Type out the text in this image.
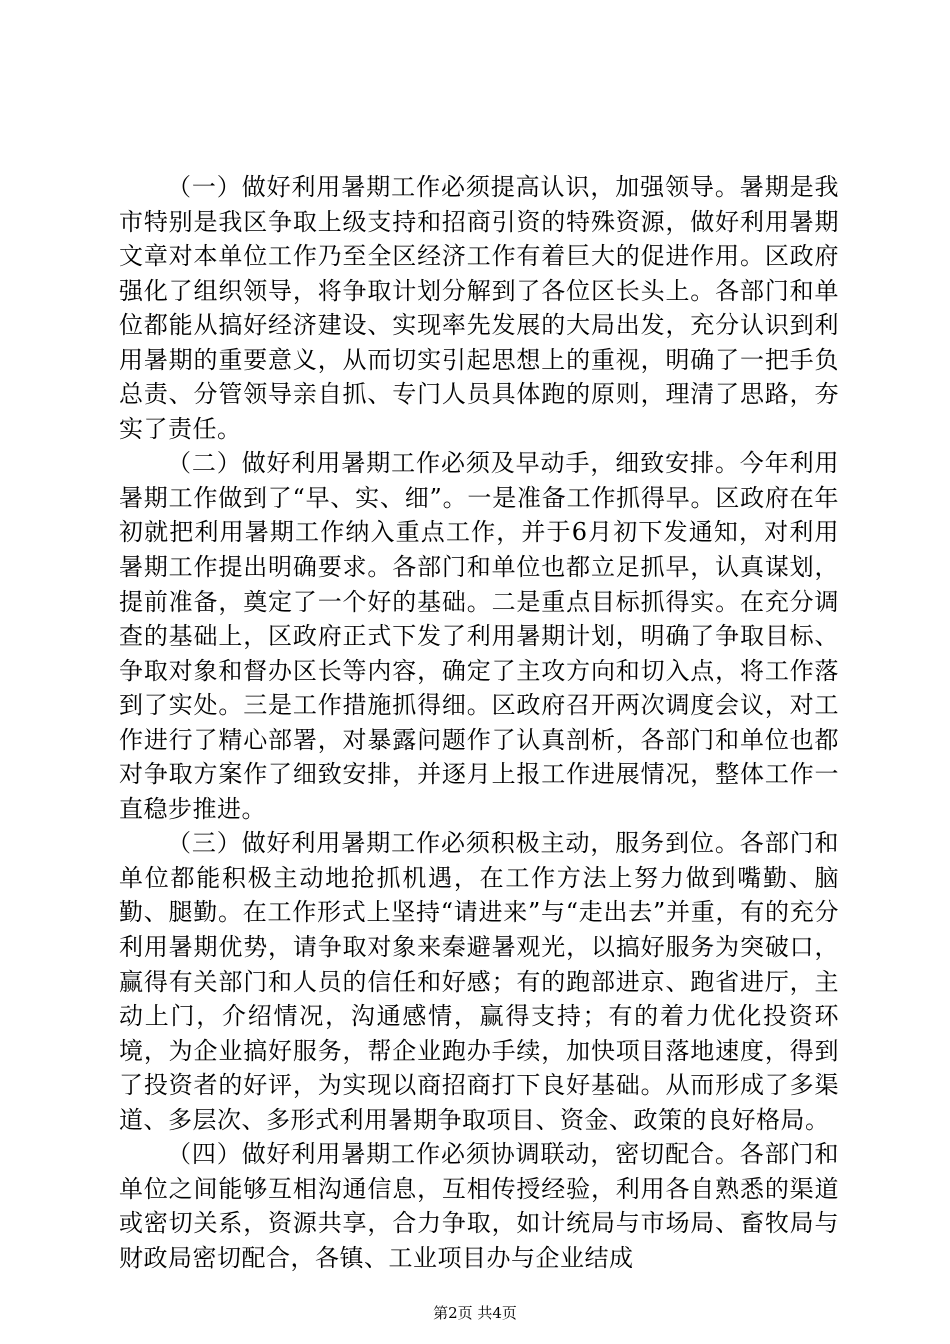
（一）做好利用暑期工作必须提高认识，加强领导。暑期是我市特别是我区争取上级支持和招商引资的特殊资源，做好利用暑期文章对本单位工作乃至全区经济工作有着巨大的促进作用。区政府强化了组织领导，将争取计划分解到了各位区长头上。各部门和单位都能从搞好经济建设、实现率先发展的大局出发，充分认识到利用暑期的重要意义，从而切实引起思想上的重视，明确了一把手负总责、分管领导亲自抓、专门人员具体跑的原则，理清了思路，夯实了责任。

（二）做好利用暑期工作必须及早动手，细致安排。今年利用暑期工作做到了“早、实、细”。一是准备工作抓得早。区政府在年初就把利用暑期工作纳入重点工作，并于6月初下发通知，对利用暑期工作提出明确要求。各部门和单位也都立足抓早，认真谋划，提前准备，奠定了一个好的基础。二是重点目标抓得实。在充分调查的基础上，区政府正式下发了利用暑期计划，明确了争取目标、争取对象和督办区长等内容，确定了主攻方向和切入点，将工作落到了实处。三是工作措施抓得细。区政府召开两次调度会议，对工作进行了精心部署，对暴露问题作了认真剖析，各部门和单位也都对争取方案作了细致安排，并逐月上报工作进展情况，整体工作一直稳步推进。

（三）做好利用暑期工作必须积极主动，服务到位。各部门和单位都能积极主动地抢抓机遇，在工作方法上努力做到嘴勤、脑勤、腿勤。在工作形式上坚持“请进来”与“走出去”并重，有的充分利用暑期优势，请争取对象来秦避暑观光，以搞好服务为突破口，赢得有关部门和人员的信任和好感；有的跑部进京、跑省进厅，主动上门，介绍情况，沟通感情，赢得支持；有的着力优化投资环境，为企业搞好服务，帮企业跑办手续，加快项目落地速度，得到了投资者的好评，为实现以商招商打下良好基础。从而形成了多渠道、多层次、多形式利用暑期争取项目、资金、政策的良好格局。

（四）做好利用暑期工作必须协调联动，密切配合。各部门和单位之间能够互相沟通信息，互相传授经验，利用各自熟悉的渠道或密切关系，资源共享，合力争取，如计统局与市场局、畜牧局与财政局密切配合，各镇、工业项目办与企业结成

第2页 共4页
